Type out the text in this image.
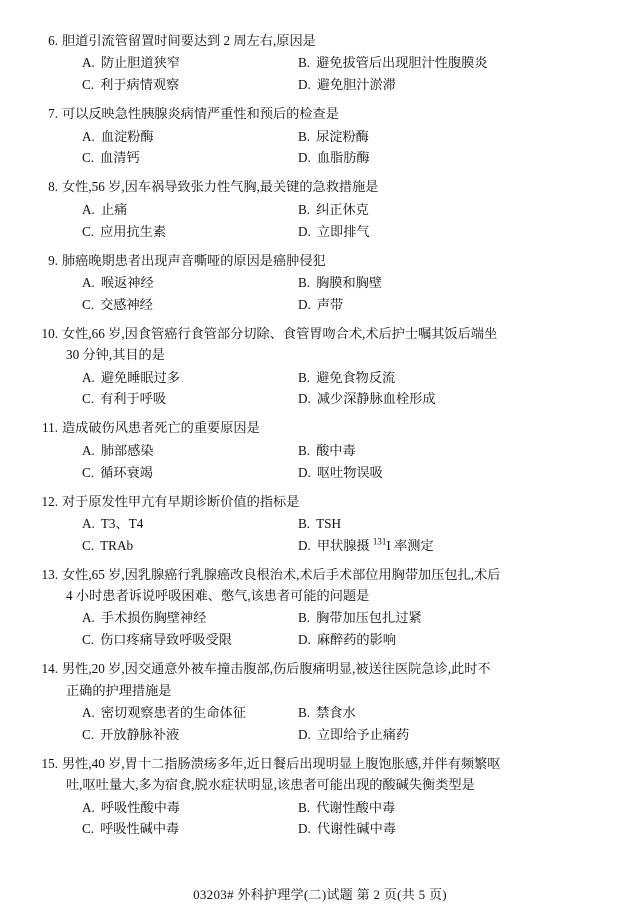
6. 胆道引流管留置时间要达到 2 周左右,原因是
A. 防止胆道狭窄	B. 避免拔管后出现胆汁性腹膜炎
C. 利于病情观察	D. 避免胆汁淤滞
7. 可以反映急性胰腺炎病情严重性和预后的检查是
A. 血淀粉酶	B. 尿淀粉酶
C. 血清钙	D. 血脂肪酶
8. 女性,56 岁,因车祸导致张力性气胸,最关键的急救措施是
A. 止痛	B. 纠正休克
C. 应用抗生素	D. 立即排气
9. 肺癌晚期患者出现声音嘶哑的原因是癌肿侵犯
A. 喉返神经	B. 胸膜和胸壁
C. 交感神经	D. 声带
10. 女性,66 岁,因食管癌行食管部分切除、食管胃吻合术,术后护士嘱其饭后端坐
30 分钟,其目的是
A. 避免睡眠过多	B. 避免食物反流
C. 有利于呼吸	D. 减少深静脉血栓形成
11. 造成破伤风患者死亡的重要原因是
A. 肺部感染	B. 酸中毒
C. 循环衰竭	D. 呕吐物误吸
12. 对于原发性甲亢有早期诊断价值的指标是
A. T3、T4	B. TSH
C. TRAb	D. 甲状腺摄 $^{131}$I 率测定
13. 女性,65 岁,因乳腺癌行乳腺癌改良根治术,术后手术部位用胸带加压包扎,术后
4 小时患者诉说呼吸困难、憋气,该患者可能的问题是
A. 手术损伤胸壁神经	B. 胸带加压包扎过紧
C. 伤口疼痛导致呼吸受限	D. 麻醉药的影响
14. 男性,20 岁,因交通意外被车撞击腹部,伤后腹痛明显,被送往医院急诊,此时不
正确的护理措施是
A. 密切观察患者的生命体征	B. 禁食水
C. 开放静脉补液	D. 立即给予止痛药
15. 男性,40 岁,胃十二指肠溃疡多年,近日餐后出现明显上腹饱胀感,并伴有频繁呕
吐,呕吐量大,多为宿食,脱水症状明显,该患者可能出现的酸碱失衡类型是
A. 呼吸性酸中毒	B. 代谢性酸中毒
C. 呼吸性碱中毒	D. 代谢性碱中毒
03203# 外科护理学(二)试题 第 2 页(共 5 页)
